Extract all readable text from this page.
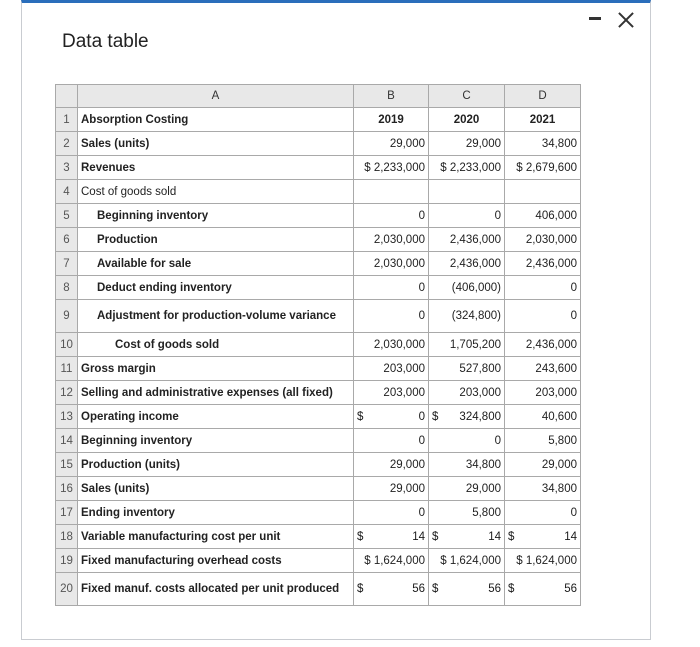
Data table
	A	B	C	D
1	Absorption Costing	2019	2020	2021
2	Sales (units)	29,000	29,000	34,800
3	Revenues	$ 2,233,000	$ 2,233,000	$ 2,679,600
4	Cost of goods sold			
5	Beginning inventory	0	0	406,000
6	Production	2,030,000	2,436,000	2,030,000
7	Available for sale	2,030,000	2,436,000	2,436,000
8	Deduct ending inventory	0	(406,000)	0
9	Adjustment for production-volume variance	0	(324,800)	0
10	Cost of goods sold	2,030,000	1,705,200	2,436,000
11	Gross margin	203,000	527,800	243,600
12	Selling and administrative expenses (all fixed)	203,000	203,000	203,000
13	Operating income	$ 0	$ 324,800	40,600
14	Beginning inventory	0	0	5,800
15	Production (units)	29,000	34,800	29,000
16	Sales (units)	29,000	29,000	34,800
17	Ending inventory	0	5,800	0
18	Variable manufacturing cost per unit	$ 14	$ 14	$ 14
19	Fixed manufacturing overhead costs	$ 1,624,000	$ 1,624,000	$ 1,624,000
20	Fixed manuf. costs allocated per unit produced	$ 56	$ 56	$ 56
